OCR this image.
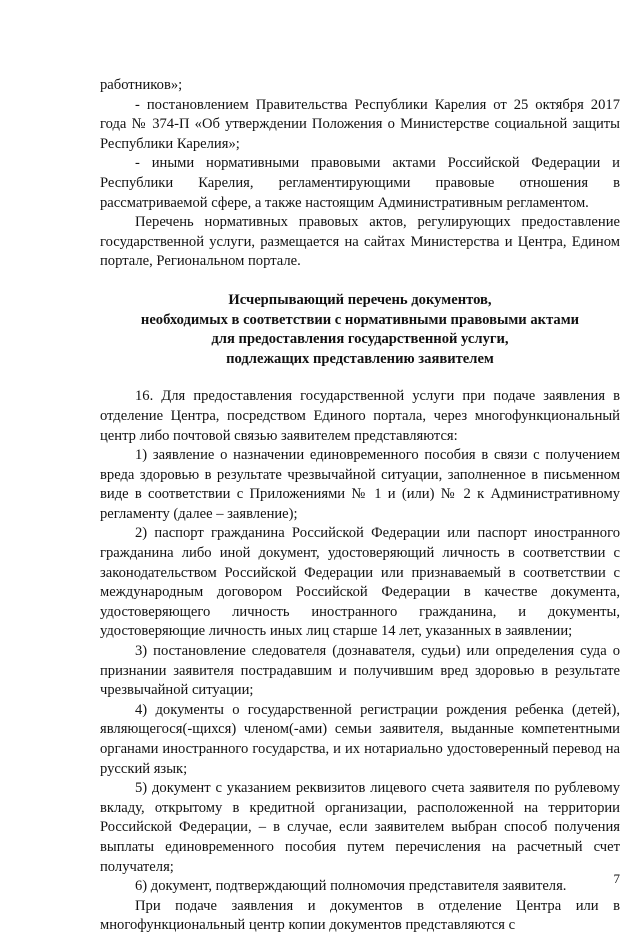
работников»;

- постановлением Правительства Республики Карелия от 25 октября 2017 года № 374-П «Об утверждении Положения о Министерстве социальной защиты Республики Карелия»;

- иными нормативными правовыми актами Российской Федерации и Республики Карелия, регламентирующими правовые отношения в рассматриваемой сфере, а также настоящим Административным регламентом.

Перечень нормативных правовых актов, регулирующих предоставление государственной услуги, размещается на сайтах Министерства и Центра, Едином портале, Региональном портале.

Исчерпывающий перечень документов,
необходимых в соответствии с нормативными правовыми актами
для предоставления государственной услуги,
подлежащих представлению заявителем

16. Для предоставления государственной услуги при подаче заявления в отделение Центра, посредством Единого портала, через многофункциональный центр либо почтовой связью заявителем представляются:

1) заявление о назначении единовременного пособия в связи с получением вреда здоровью в результате чрезвычайной ситуации, заполненное в письменном виде в соответствии с Приложениями № 1 и (или) № 2 к Административному регламенту (далее – заявление);

2) паспорт гражданина Российской Федерации или паспорт иностранного гражданина либо иной документ, удостоверяющий личность в соответствии с законодательством Российской Федерации или признаваемый в соответствии с международным договором Российской Федерации в качестве документа, удостоверяющего личность иностранного гражданина, и документы, удостоверяющие личность иных лиц старше 14 лет, указанных в заявлении;

3) постановление следователя (дознавателя, судьи) или определения суда о признании заявителя пострадавшим и получившим вред здоровью в результате чрезвычайной ситуации;

4) документы о государственной регистрации рождения ребенка (детей), являющегося(-щихся) членом(-ами) семьи заявителя, выданные компетентными органами иностранного государства, и их нотариально удостоверенный перевод на русский язык;

5) документ с указанием реквизитов лицевого счета заявителя по рублевому вкладу, открытому в кредитной организации, расположенной на территории Российской Федерации, – в случае, если заявителем выбран способ получения выплаты единовременного пособия путем перечисления на расчетный счет получателя;

6) документ, подтверждающий полномочия представителя заявителя.

При подаче заявления и документов в отделение Центра или в многофункциональный центр копии документов представляются с

7
